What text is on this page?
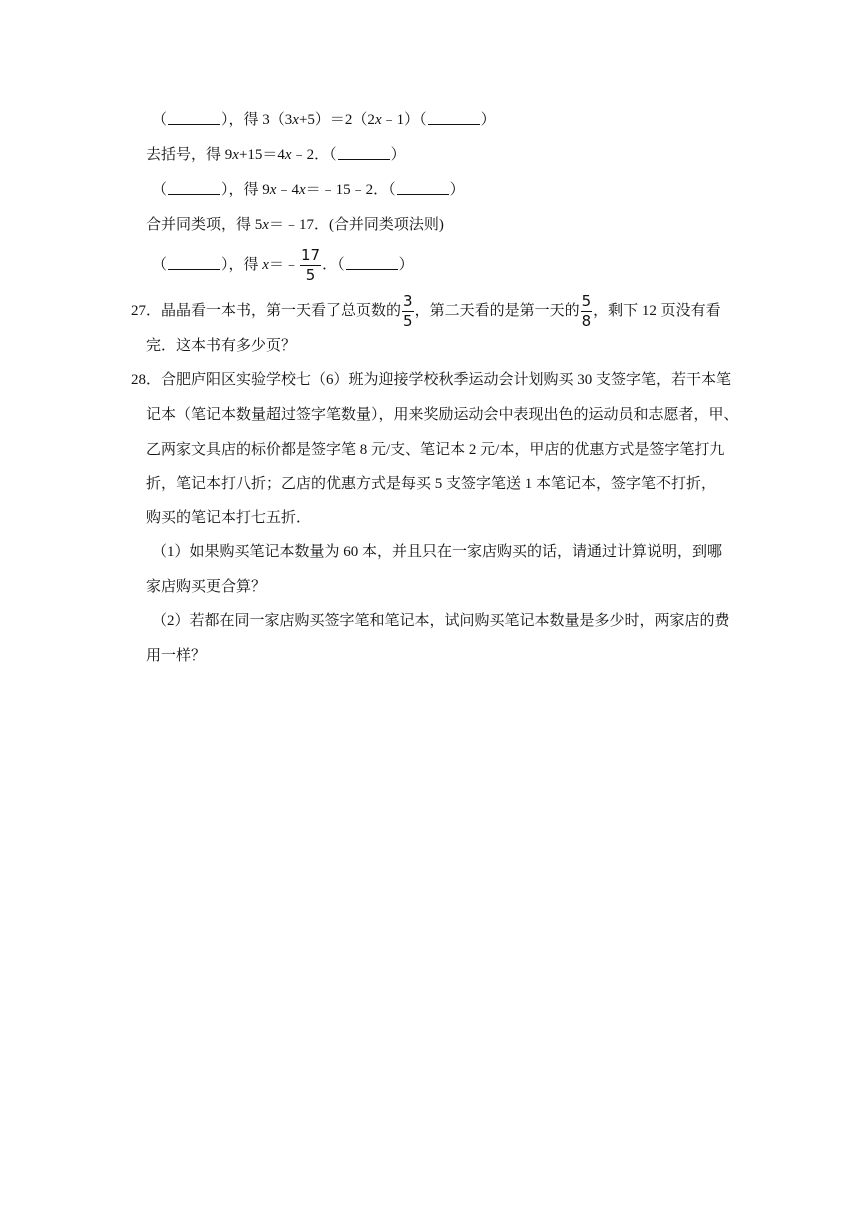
（	），得 3（3x+5）＝2（2x﹣1）（	）
去括号，得 9x+15＝4x﹣2．（	）
（	），得 9x﹣4x＝﹣15﹣2．（	）
合并同类项，得 5x＝﹣17．(合并同类项法则)
（	），得 x＝﹣ $\frac{17}{5}$ ．（	）
27．晶晶看一本书，第一天看了总页数的 $\frac{3}{5}$ ，第二天看的是第一天的 $\frac{5}{8}$ ，剩下 12 页没有看
完．这本书有多少页？
28．合肥庐阳区实验学校七（6）班为迎接学校秋季运动会计划购买 30 支签字笔，若干本笔
记本（笔记本数量超过签字笔数量），用来奖励运动会中表现出色的运动员和志愿者，甲、
乙两家文具店的标价都是签字笔 8 元/支、笔记本 2 元/本，甲店的优惠方式是签字笔打九
折，笔记本打八折；乙店的优惠方式是每买 5 支签字笔送 1 本笔记本，签字笔不打折，
购买的笔记本打七五折．
（1）如果购买笔记本数量为 60 本，并且只在一家店购买的话，请通过计算说明，到哪
家店购买更合算？
（2）若都在同一家店购买签字笔和笔记本，试问购买笔记本数量是多少时，两家店的费
用一样？
